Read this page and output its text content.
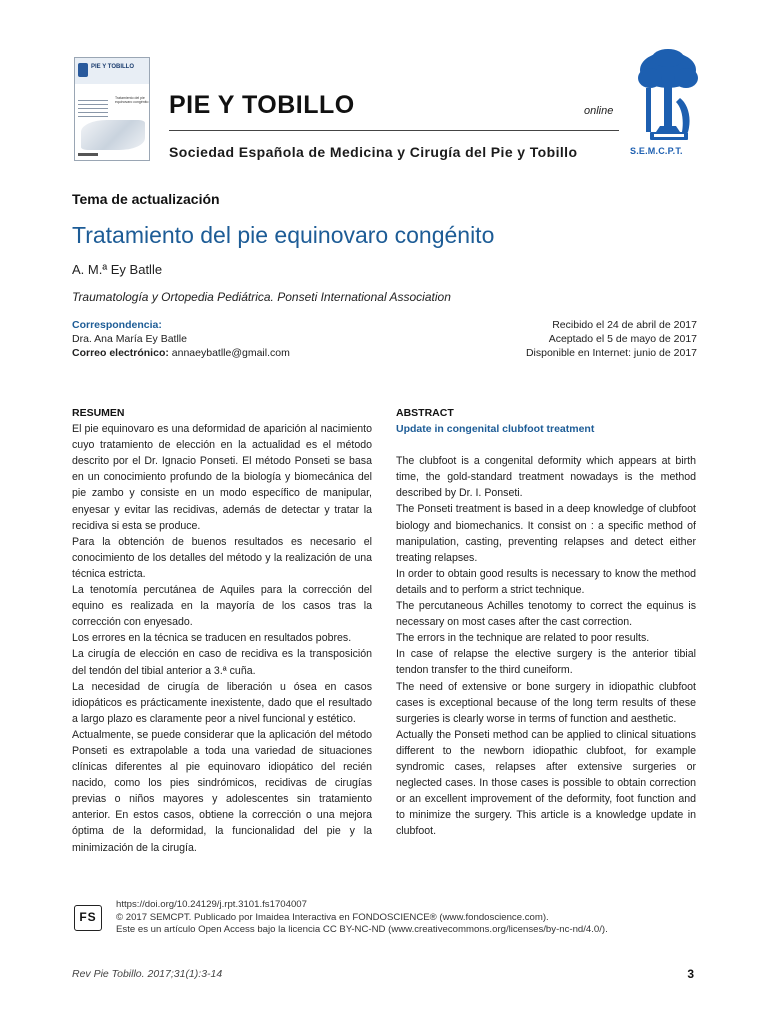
PIE Y TOBILLO
Tratamiento del pie equinovaro congénito PIE Y TOBILLO	online
Sociedad Española de Medicina y Cirugía del Pie y Tobillo	S.E.M.C.P.T.
Tema de actualización
Tratamiento del pie equinovaro congénito
A. M.ª Ey Batlle
Traumatología y Ortopedia Pediátrica. Ponseti International Association
Correspondencia:
Dra. Ana María Ey Batlle
Correo electrónico: annaeybatlle@gmail.com
Recibido el 24 de abril de 2017
Aceptado el 5 de mayo de 2017
Disponible en Internet: junio de 2017
RESUMEN

El pie equinovaro es una deformidad de aparición al nacimiento cuyo tratamiento de elección en la actualidad es el método descrito por el Dr. Ignacio Ponseti. El método Ponseti se basa en un conocimiento profundo de la biología y biomecánica del pie zambo y consiste en un modo específico de manipular, enyesar y evitar las recidivas, además de detectar y tratar la recidiva si esta se produce.

Para la obtención de buenos resultados es necesario el conocimiento de los detalles del método y la realización de una técnica estricta.

La tenotomía percutánea de Aquiles para la corrección del equino es realizada en la mayoría de los casos tras la corrección con enyesado.

Los errores en la técnica se traducen en resultados pobres.

La cirugía de elección en caso de recidiva es la transposición del tendón del tibial anterior a 3.ª cuña.

La necesidad de cirugía de liberación u ósea en casos idiopáticos es prácticamente inexistente, dado que el resultado a largo plazo es claramente peor a nivel funcional y estético.

Actualmente, se puede considerar que la aplicación del método Ponseti es extrapolable a toda una variedad de situaciones clínicas diferentes al pie equinovaro idiopático del recién nacido, como los pies sindrómicos, recidivas de cirugías previas o niños mayores y adolescentes sin tratamiento anterior. En estos casos, obtiene la corrección o una mejora óptima de la deformidad, la funcionalidad del pie y la minimización de la cirugía.

ABSTRACT
Update in congenital clubfoot treatment

The clubfoot is a congenital deformity which appears at birth time, the gold-standard treatment nowadays is the method described by Dr. I. Ponseti.

The Ponseti treatment is based in a deep knowledge of clubfoot biology and biomechanics. It consist on : a specific method of manipulation, casting, preventing relapses and detect either treating relapses.

In order to obtain good results is necessary to know the method details and to perform a strict technique.

The percutaneous Achilles tenotomy to correct the equinus is necessary on most cases after the cast correction.

The errors in the technique are related to poor results.

In case of relapse the elective surgery is the anterior tibial tendon transfer to the third cuneiform.

The need of extensive or bone surgery in idiopathic clubfoot cases is exceptional because of the long term results of these surgeries is clearly worse in terms of function and aesthetic.

Actually the Ponseti method can be applied to clinical situations different to the newborn idiopathic clubfoot, for example syndromic cases, relapses after extensive surgeries or neglected cases. In those cases is possible to obtain correction or an excellent improvement of the deformity, foot function and to minimize the surgery. This article is a knowledge update in clubfoot.

FS
https://doi.org/10.24129/j.rpt.3101.fs1704007
© 2017 SEMCPT. Publicado por Imaidea Interactiva en FONDOSCIENCE® (www.fondoscience.com).
Este es un artículo Open Access bajo la licencia CC BY-NC-ND (www.creativecommons.org/licenses/by-nc-nd/4.0/).
Rev Pie Tobillo. 2017;31(1):3-14	3
